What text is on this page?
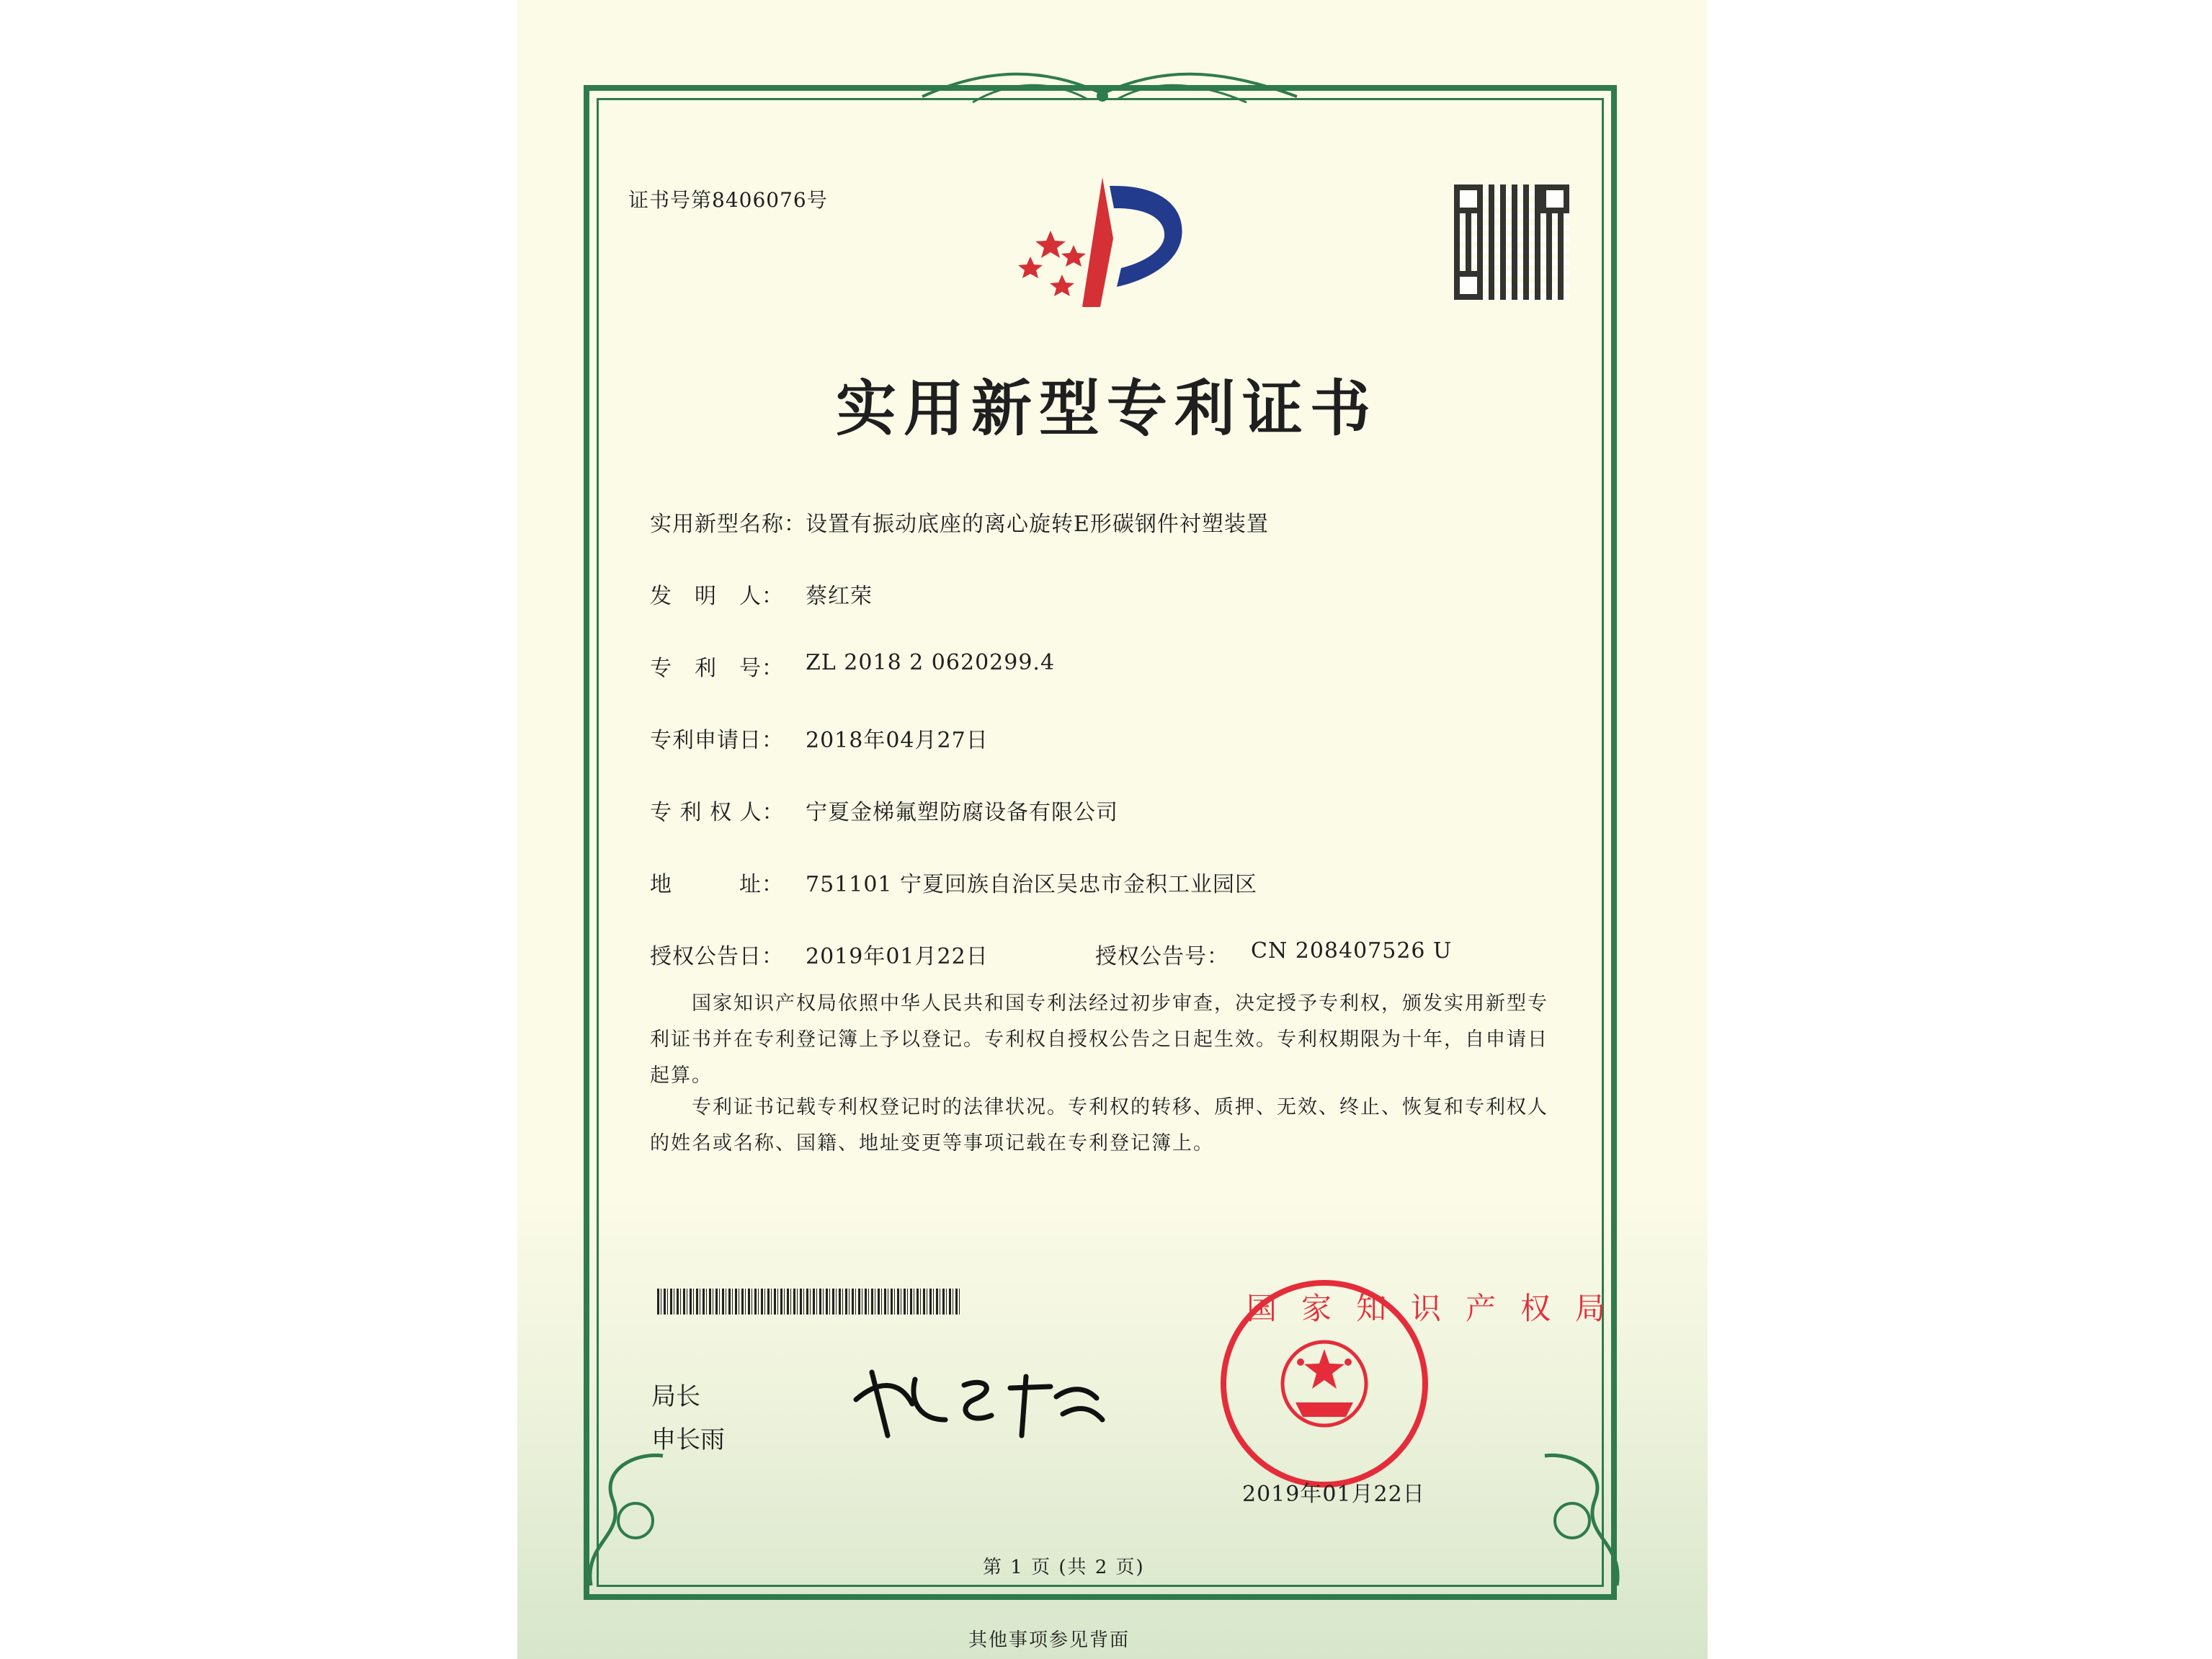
证书号第8406076号
实用新型专利证书
实用新型名称： 设置有振动底座的离心旋转E形碳钢件衬塑装置
发　明　人： 蔡红荣
专　利　号： ZL 2018 2 0620299.4
专利申请日： 2018年04月27日
专 利 权 人： 宁夏金梯氟塑防腐设备有限公司
地　　　址： 751101 宁夏回族自治区吴忠市金积工业园区
授权公告日： 2019年01月22日	授权公告号： CN 208407526 U
国家知识产权局依照中华人民共和国专利法经过初步审查，决定授予专利权，颁发实用新型专利证书并在专利登记簿上予以登记。专利权自授权公告之日起生效。专利权期限为十年，自申请日起算。
专利证书记载专利权登记时的法律状况。专利权的转移、质押、无效、终止、恢复和专利权人的姓名或名称、国籍、地址变更等事项记载在专利登记簿上。
局长
申长雨
国家知识产权局
2019年01月22日
第 1 页 (共 2 页)
其他事项参见背面
